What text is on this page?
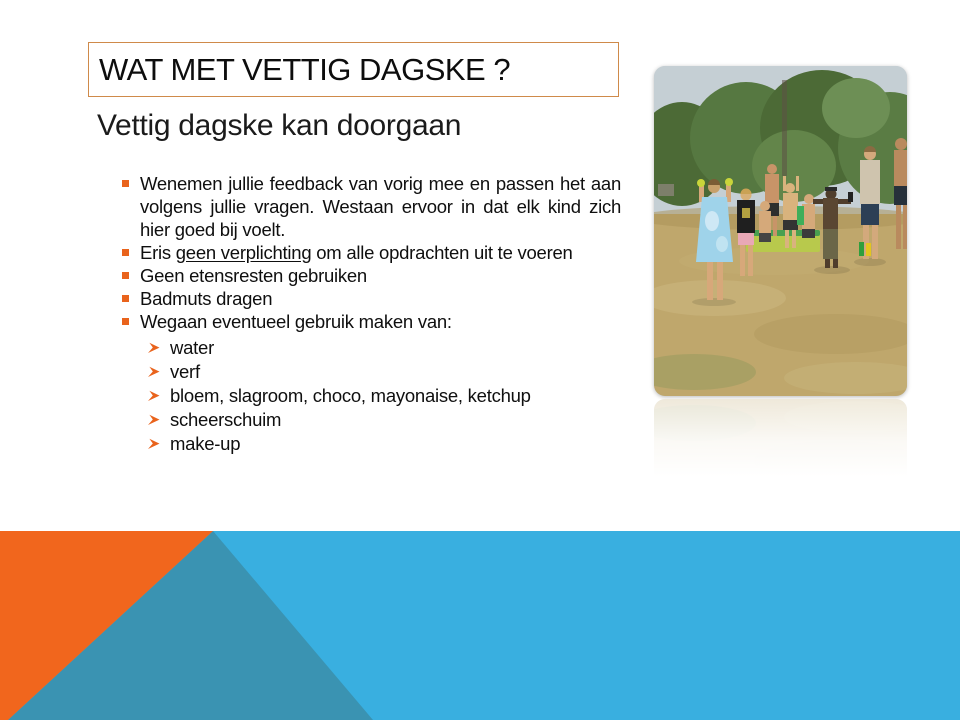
WAT MET VETTIG DAGSKE ?
Vettig dagske kan doorgaan
Wenemen jullie feedback van vorig mee en passen het aan volgens jullie vragen. Westaan ervoor in dat elk kind zich hier goed bij voelt.
Eris geen verplichting om alle opdrachten uit te voeren
Geen etensresten gebruiken
Badmuts dragen
Wegaan eventueel gebruik maken van:
water
verf
bloem, slagroom, choco, mayonaise, ketchup
scheerschuim
make-up
